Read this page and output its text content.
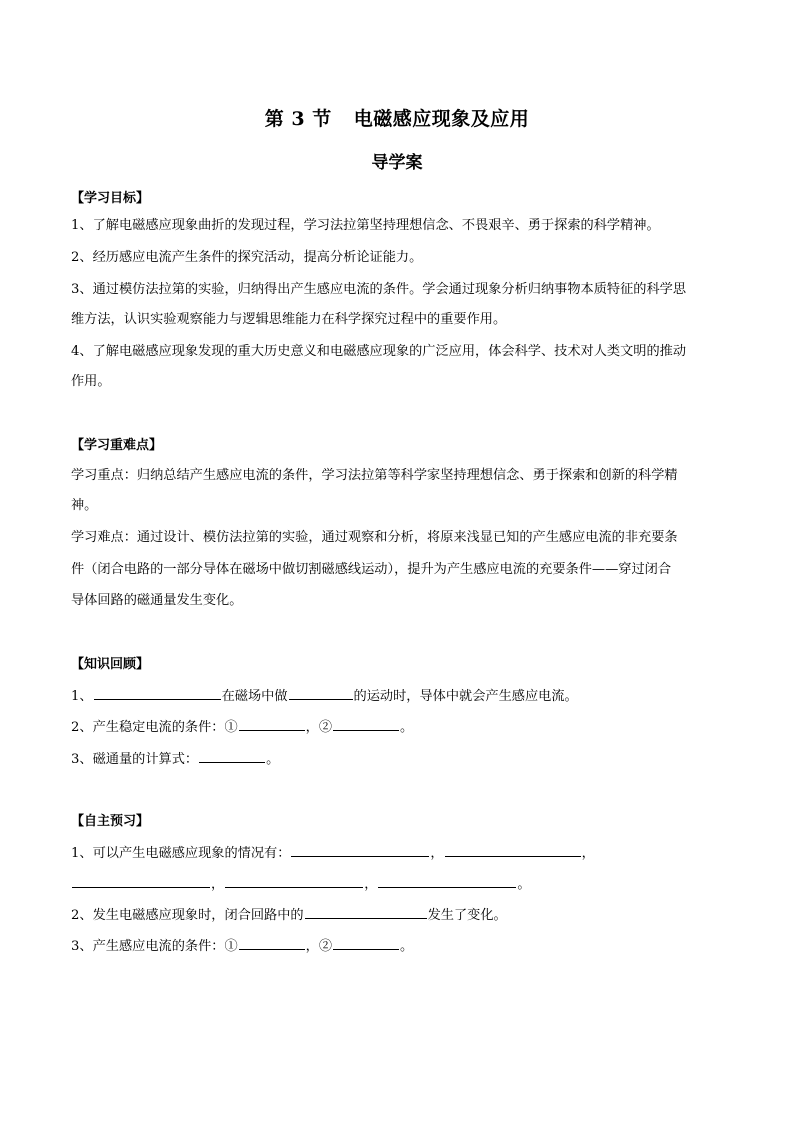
第 3 节 电磁感应现象及应用
导学案
【学习目标】
1、了解电磁感应现象曲折的发现过程，学习法拉第坚持理想信念、不畏艰辛、勇于探索的科学精神。
2、经历感应电流产生条件的探究活动，提高分析论证能力。
3、通过模仿法拉第的实验，归纳得出产生感应电流的条件。学会通过现象分析归纳事物本质特征的科学思
维方法，认识实验观察能力与逻辑思维能力在科学探究过程中的重要作用。
4、了解电磁感应现象发现的重大历史意义和电磁感应现象的广泛应用，体会科学、技术对人类文明的推动
作用。
【学习重难点】
学习重点：归纳总结产生感应电流的条件，学习法拉第等科学家坚持理想信念、勇于探索和创新的科学精
神。
学习难点：通过设计、模仿法拉第的实验，通过观察和分析，将原来浅显已知的产生感应电流的非充要条
件（闭合电路的一部分导体在磁场中做切割磁感线运动），提升为产生感应电流的充要条件——穿过闭合
导体回路的磁通量发生变化。
【知识回顾】
1、	在磁场中做	的运动时，导体中就会产生感应电流。
2、产生稳定电流的条件：①	，②	。
3、磁通量的计算式：	。
【自主预习】
1、可以产生电磁感应现象的情况有：	，	，
，	，	。
2、发生电磁感应现象时，闭合回路中的	发生了变化。
3、产生感应电流的条件：①	，②	。
